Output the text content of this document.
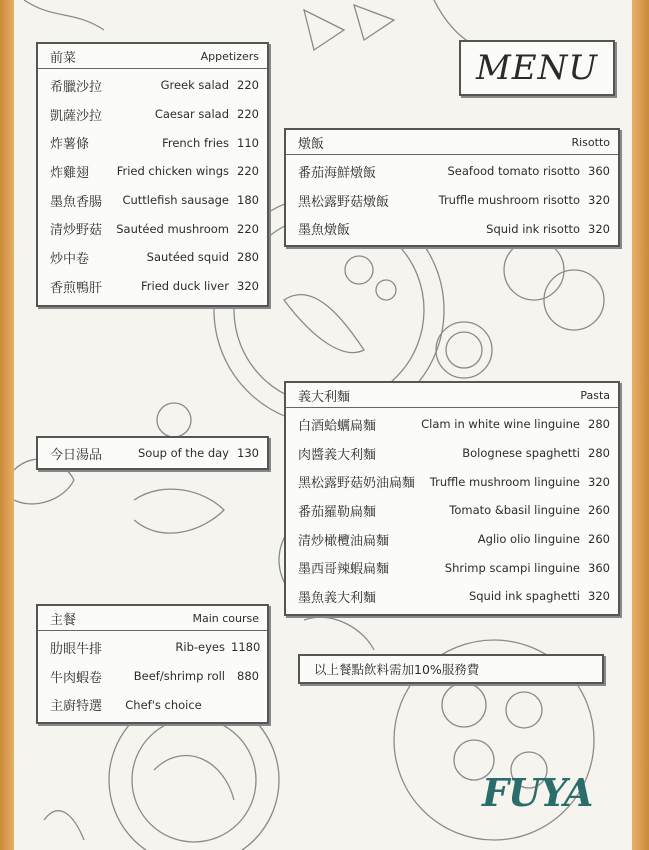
前菜	Appetizers
希臘沙拉	Greek salad 220
凱薩沙拉	Caesar salad 220
炸薯條	French fries 110
炸雞翅	Fried chicken wings 220
墨魚香腸	Cuttlefish sausage 180
清炒野菇	Sautéed mushroom 220
炒中卷	Sautéed squid 280
香煎鴨肝	Fried duck liver 320
MENU
燉飯	Risotto
番茄海鮮燉飯	Seafood tomato risotto 360
黑松露野菇燉飯	Truffle mushroom risotto 320
墨魚燉飯	Squid ink risotto 320
今日湯品	Soup of the day 130
義大利麵	Pasta
白酒蛤蠣扁麵	Clam in white wine linguine 280
肉醬義大利麵	Bolognese spaghetti 280
黑松露野菇奶油扁麵	Truffle mushroom linguine 320
番茄羅勒扁麵	Tomato &basil linguine 260
清炒橄欖油扁麵	Aglio olio linguine 260
墨西哥辣蝦扁麵	Shrimp scampi linguine 360
墨魚義大利麵	Squid ink spaghetti 320
主餐	Main course
肋眼牛排	Rib-eyes 1180
牛肉蝦卷	Beef/shrimp roll	880
主廚特選	Chef's choice
以上餐點飲料需加10%服務費
FUYA
